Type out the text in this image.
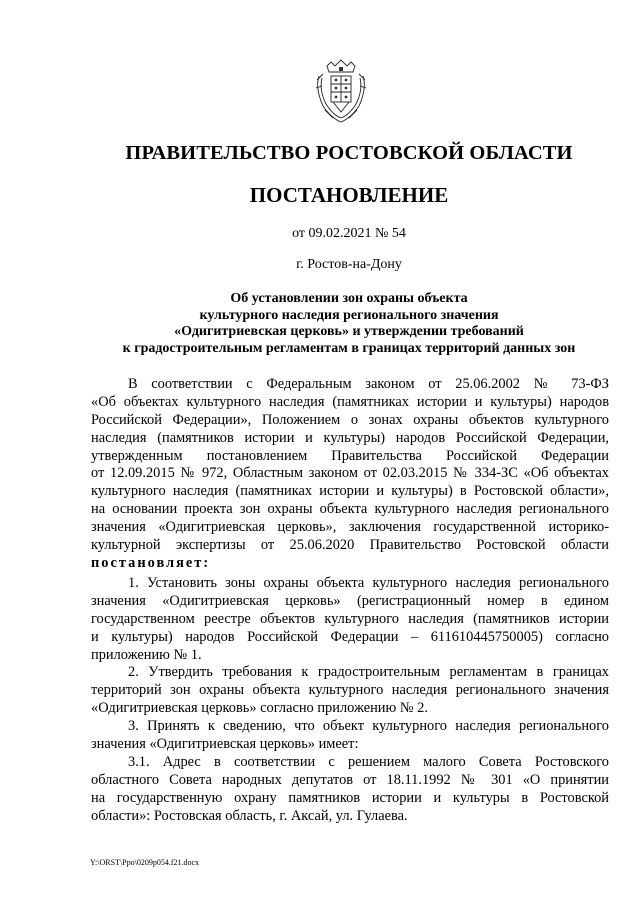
ПРАВИТЕЛЬСТВО РОСТОВСКОЙ ОБЛАСТИ
ПОСТАНОВЛЕНИЕ
от 09.02.2021 № 54
г. Ростов-на-Дону
Об установлении зон охраны объекта
культурного наследия регионального значения
«Одигитриевская церковь» и утверждении требований
к градостроительным регламентам в границах территорий данных зон
В соответствии с Федеральным законом от 25.06.2002 № 73-ФЗ
«Об объектах культурного наследия (памятниках истории и культуры) народов
Российской Федерации», Положением о зонах охраны объектов культурного
наследия (памятников истории и культуры) народов Российской Федерации,
утвержденным постановлением Правительства Российской Федерации
от 12.09.2015 № 972, Областным законом от 02.03.2015 № 334-ЗС «Об объектах
культурного наследия (памятниках истории и культуры) в Ростовской области»,
на основании проекта зон охраны объекта культурного наследия регионального
значения «Одигитриевская церковь», заключения государственной историко-
культурной экспертизы от 25.06.2020 Правительство Ростовской области
постановляет:
1. Установить зоны охраны объекта культурного наследия регионального
значения «Одигитриевская церковь» (регистрационный номер в едином
государственном реестре объектов культурного наследия (памятников истории
и культуры) народов Российской Федерации – 611610445750005) согласно
приложению № 1.
2. Утвердить требования к градостроительным регламентам в границах
территорий зон охраны объекта культурного наследия регионального значения
«Одигитриевская церковь» согласно приложению № 2.
3. Принять к сведению, что объект культурного наследия регионального
значения «Одигитриевская церковь» имеет:
3.1. Адрес в соответствии с решением малого Совета Ростовского
областного Совета народных депутатов от 18.11.1992 № 301 «О принятии
на государственную охрану памятников истории и культуры в Ростовской
области»: Ростовская область, г. Аксай, ул. Гулаева.
Y:\ORST\Ppo\0209p054.f21.docx
